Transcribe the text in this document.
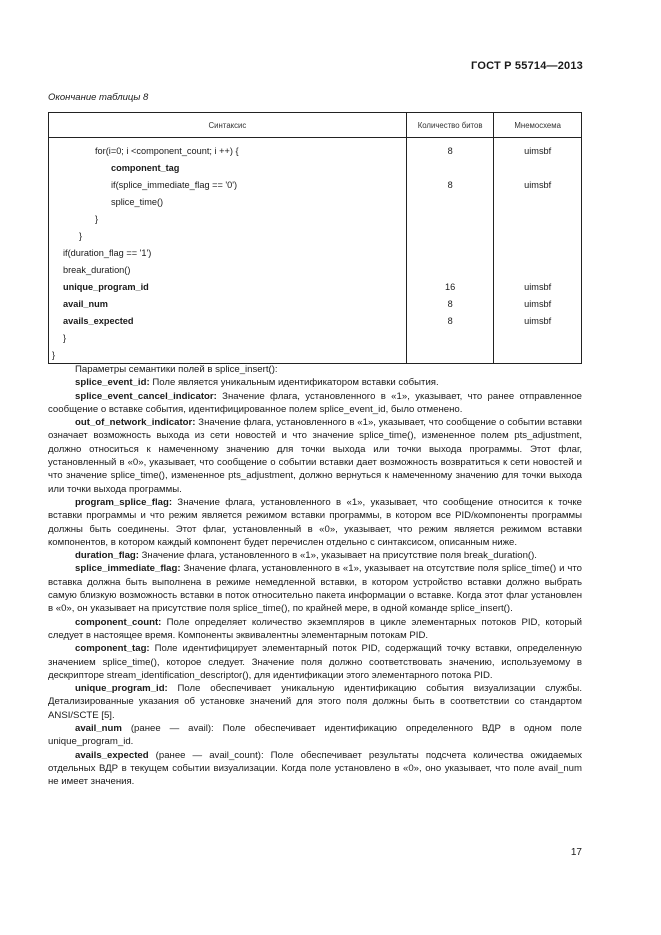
ГОСТ Р 55714—2013
Окончание таблицы 8
Синтаксис	Количество битов	Мнемосхема
for(i=0; i <component_count; i ++) {	8	uimsbf
component_tag		
if(splice_immediate_flag == '0')	8	uimsbf
splice_time()		
}		
}		
if(duration_flag == '1')		
break_duration()		
unique_program_id	16	uimsbf
avail_num	8	uimsbf
avails_expected	8	uimsbf
}		
}		

Параметры семантики полей в splice_insert():

splice_event_id: Поле является уникальным идентификатором вставки события.

splice_event_cancel_indicator: Значение флага, установленного в «1», указывает, что ранее отправленное сообщение о вставке события, идентифицированное полем splice_event_id, было отменено.

out_of_network_indicator: Значение флага, установленного в «1», указывает, что сообщение о событии вставки означает возможность выхода из сети новостей и что значение splice_time(), измененное полем pts_adjustment, должно относиться к намеченному значению для точки выхода или точки выхода программы. Этот флаг, установленный в «0», указывает, что сообщение о событии вставки дает возможность возвратиться к сети новостей и что значение splice_time(), измененное pts_adjustment, должно вернуться к намеченному значению для точки выхода или точки выхода программы.

program_splice_flag: Значение флага, установленного в «1», указывает, что сообщение относится к точке вставки программы и что режим является режимом вставки программы, в котором все PID/компоненты программы должны быть соединены. Этот флаг, установленный в «0», указывает, что режим является режимом вставки компонентов, в котором каждый компонент будет перечислен отдельно с синтаксисом, описанным ниже.

duration_flag: Значение флага, установленного в «1», указывает на присутствие поля break_duration().

splice_immediate_flag: Значение флага, установленного в «1», указывает на отсутствие поля splice_time() и что вставка должна быть выполнена в режиме немедленной вставки, в котором устройство вставки должно выбрать самую близкую возможность вставки в поток относительно пакета информации о вставке. Когда этот флаг установлен в «0», он указывает на присутствие поля splice_time(), по крайней мере, в одной команде splice_insert().

component_count: Поле определяет количество экземпляров в цикле элементарных потоков PID, который следует в настоящее время. Компоненты эквивалентны элементарным потокам PID.

component_tag: Поле идентифицирует элементарный поток PID, содержащий точку вставки, определенную значением splice_time(), которое следует. Значение поля должно соответствовать значению, используемому в дескрипторе stream_identification_descriptor(), для идентификации этого элементарного потока PID.

unique_program_id: Поле обеспечивает уникальную идентификацию события визуализации службы. Детализированные указания об установке значений для этого поля должны быть в соответствии со стандартом ANSI/SCTE [5].

avail_num (ранее — avail): Поле обеспечивает идентификацию определенного ВДР в одном поле unique_program_id.

avails_expected (ранее — avail_count): Поле обеспечивает результаты подсчета количества ожидаемых отдельных ВДР в текущем событии визуализации. Когда поле установлено в «0», оно указывает, что поле avail_num не имеет значения.

17
